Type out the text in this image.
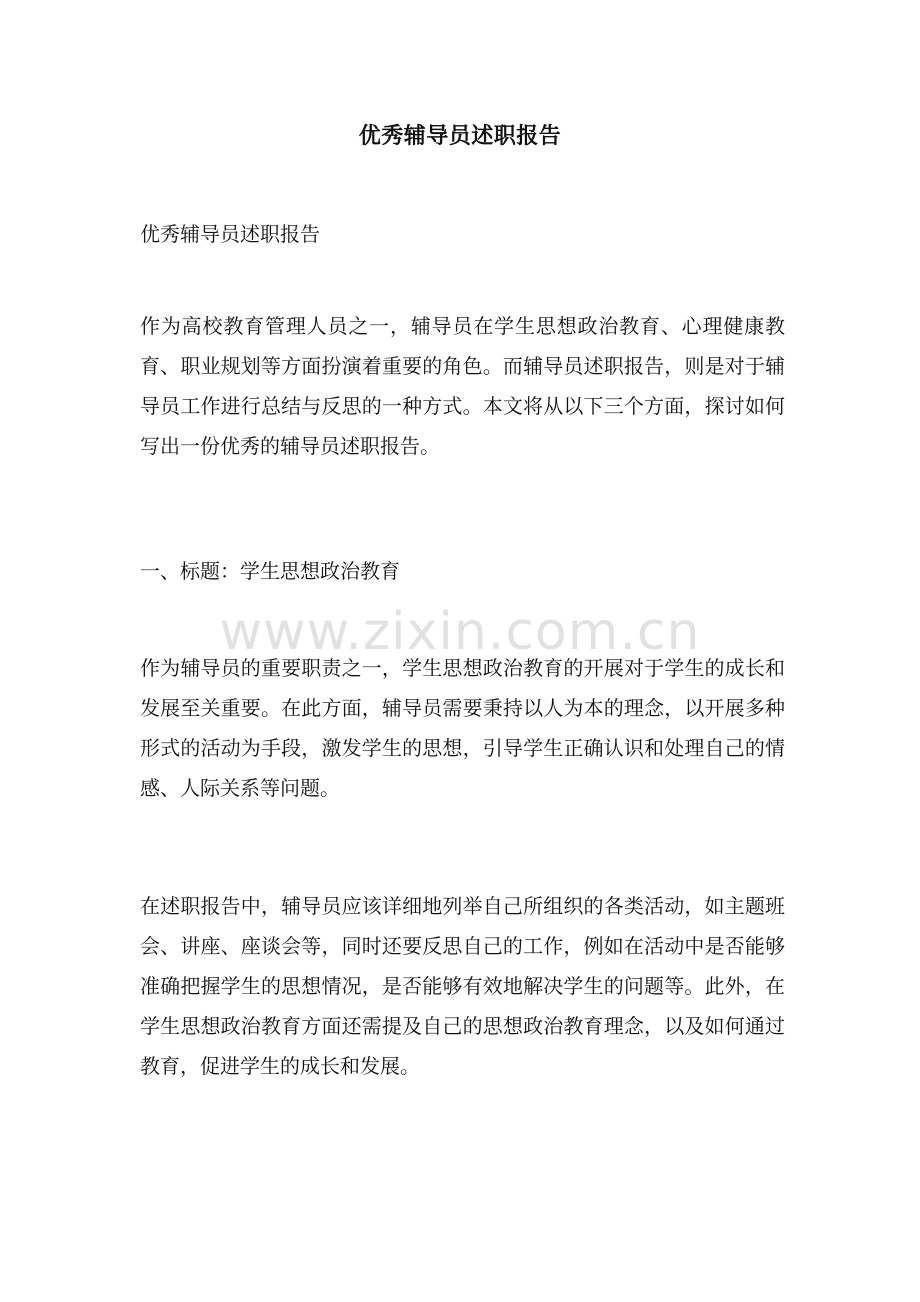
优秀辅导员述职报告

优秀辅导员述职报告

作为高校教育管理人员之一，辅导员在学生思想政治教育、心理健康教育、职业规划等方面扮演着重要的角色。而辅导员述职报告，则是对于辅导员工作进行总结与反思的一种方式。本文将从以下三个方面，探讨如何写出一份优秀的辅导员述职报告。

一、标题：学生思想政治教育

作为辅导员的重要职责之一，学生思想政治教育的开展对于学生的成长和发展至关重要。在此方面，辅导员需要秉持以人为本的理念，以开展多种形式的活动为手段，激发学生的思想，引导学生正确认识和处理自己的情感、人际关系等问题。

在述职报告中，辅导员应该详细地列举自己所组织的各类活动，如主题班会、讲座、座谈会等，同时还要反思自己的工作，例如在活动中是否能够准确把握学生的思想情况，是否能够有效地解决学生的问题等。此外，在学生思想政治教育方面还需提及自己的思想政治教育理念，以及如何通过教育，促进学生的成长和发展。

www.zixin.com.cn
